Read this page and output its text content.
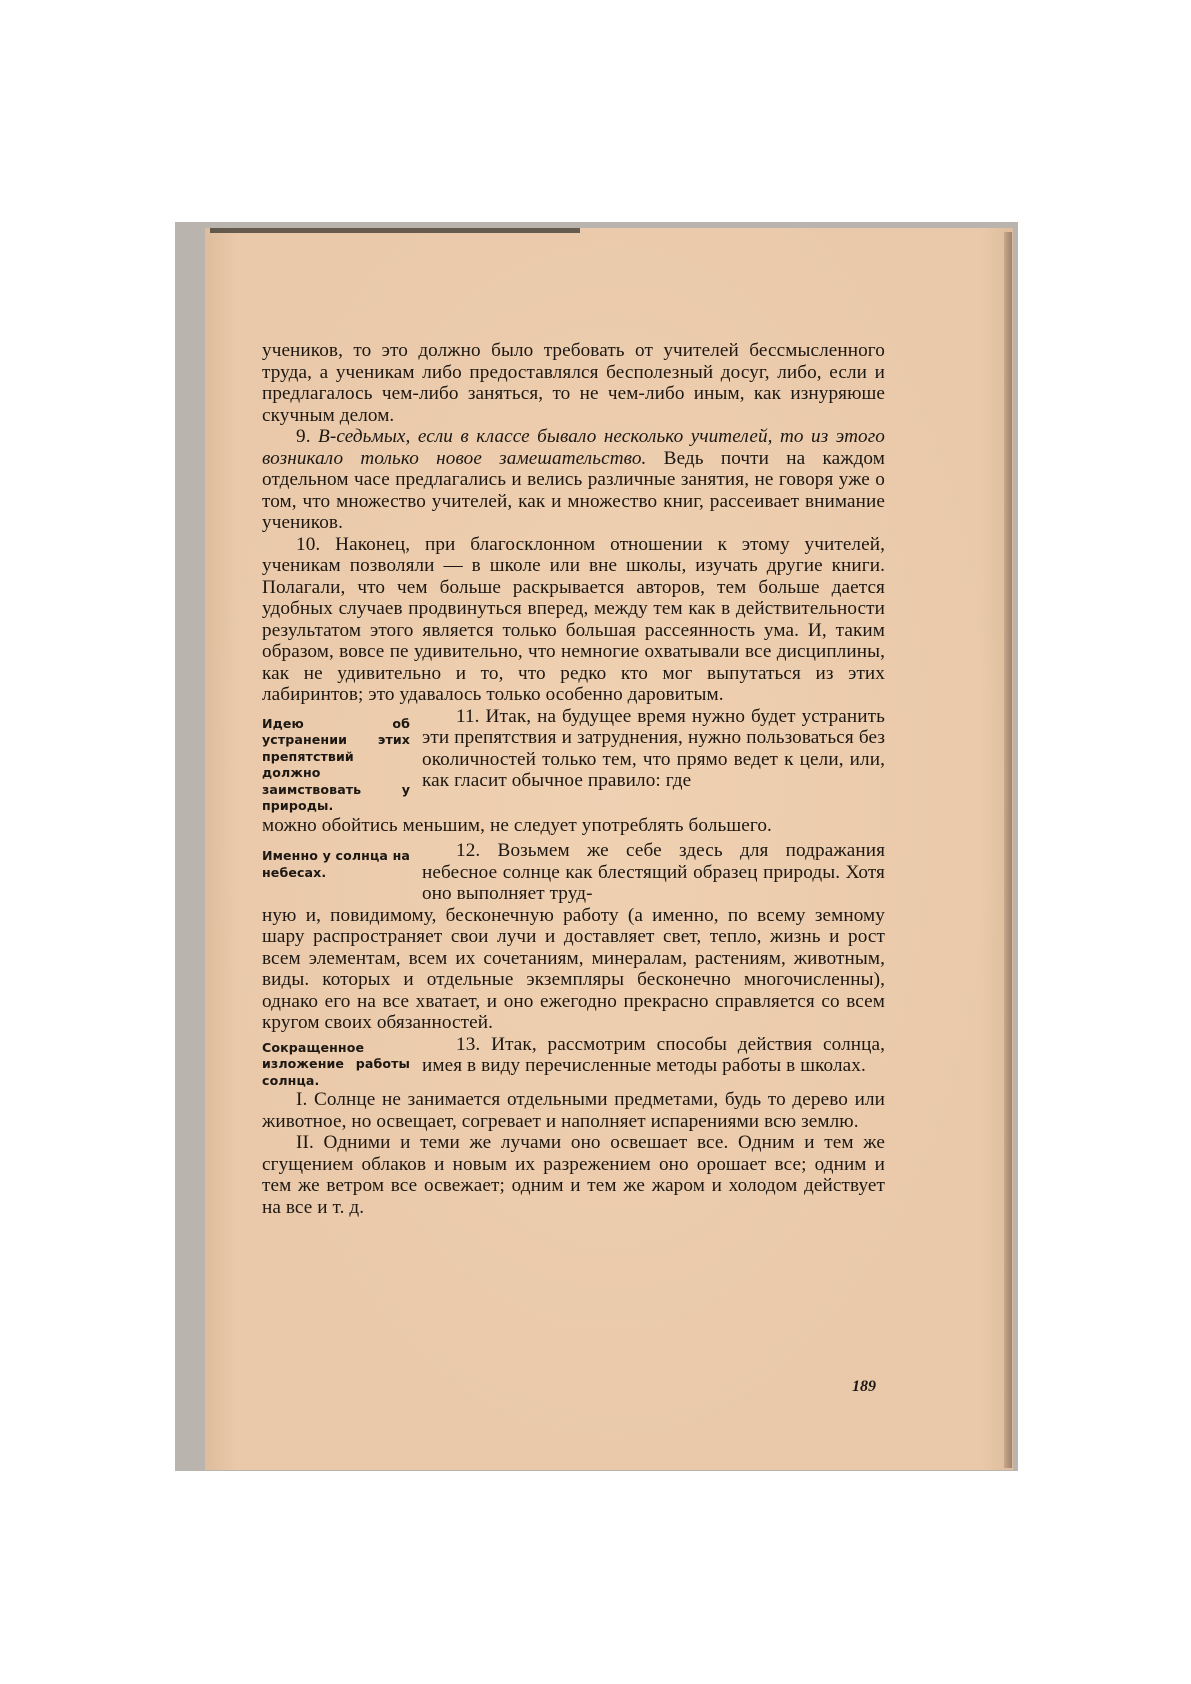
учеников, то это должно было требовать от учителей бессмысленного труда, а ученикам либо предоставлялся бесполезный досуг, либо, если и предлагалось чем-либо заняться, то не чем-либо иным, как изнуряюше скучным делом.

9. В-седьмых, если в классе бывало несколько учителей, то из этого возникало только новое замешательство. Ведь почти на каждом отдельном часе предлагались и велись различные занятия, не говоря уже о том, что множество учителей, как и множество книг, рассеивает внимание учеников.

10. Наконец, при благосклонном отношении к этому учителей, ученикам позволяли — в школе или вне школы, изучать другие книги. Полагали, что чем больше раскрывается авторов, тем больше дается удобных случаев продвинуться вперед, между тем как в действительности результатом этого является только большая рассеянность ума. И, таким образом, вовсе пе удивительно, что немногие охватывали все дисциплины, как не удивительно и то, что редко кто мог выпутаться из этих лабиринтов; это удавалось только особенно даровитым.

Идею об устранении этих препятствий должно заимствовать у природы.
11. Итак, на будущее время нужно будет устранить эти препятствия и затруднения, нужно пользоваться без околичностей только тем, что прямо ведет к цели, или, как гласит обычное правило: где

можно обойтись меньшим, не следует употреблять большего.

Именно у солнца на небесах.
12. Возьмем же себе здесь для подражания небесное солнце как блестящий образец природы. Хотя оно выполняет труд-

ную и, повидимому, бесконечную работу (а именно, по всему земному шару распространяет свои лучи и доставляет свет, тепло, жизнь и рост всем элементам, всем их сочетаниям, минералам, растениям, животным, виды. которых и отдельные экземпляры бесконечно многочисленны), однако его на все хватает, и оно ежегодно прекрасно справляется со всем кругом своих обязанностей.

Сокращенное изложение работы солнца.
13. Итак, рассмотрим способы действия солнца, имея в виду перечисленные методы работы в школах.

I. Солнце не занимается отдельными предметами, будь то дерево или животное, но освещает, согревает и наполняет испарениями всю землю.

II. Одними и теми же лучами оно освешает все. Одним и тем же сгущением облаков и новым их разрежением оно орошает все; одним и тем же ветром все освежает; одним и тем же жаром и холодом действует на все и т. д.

189
